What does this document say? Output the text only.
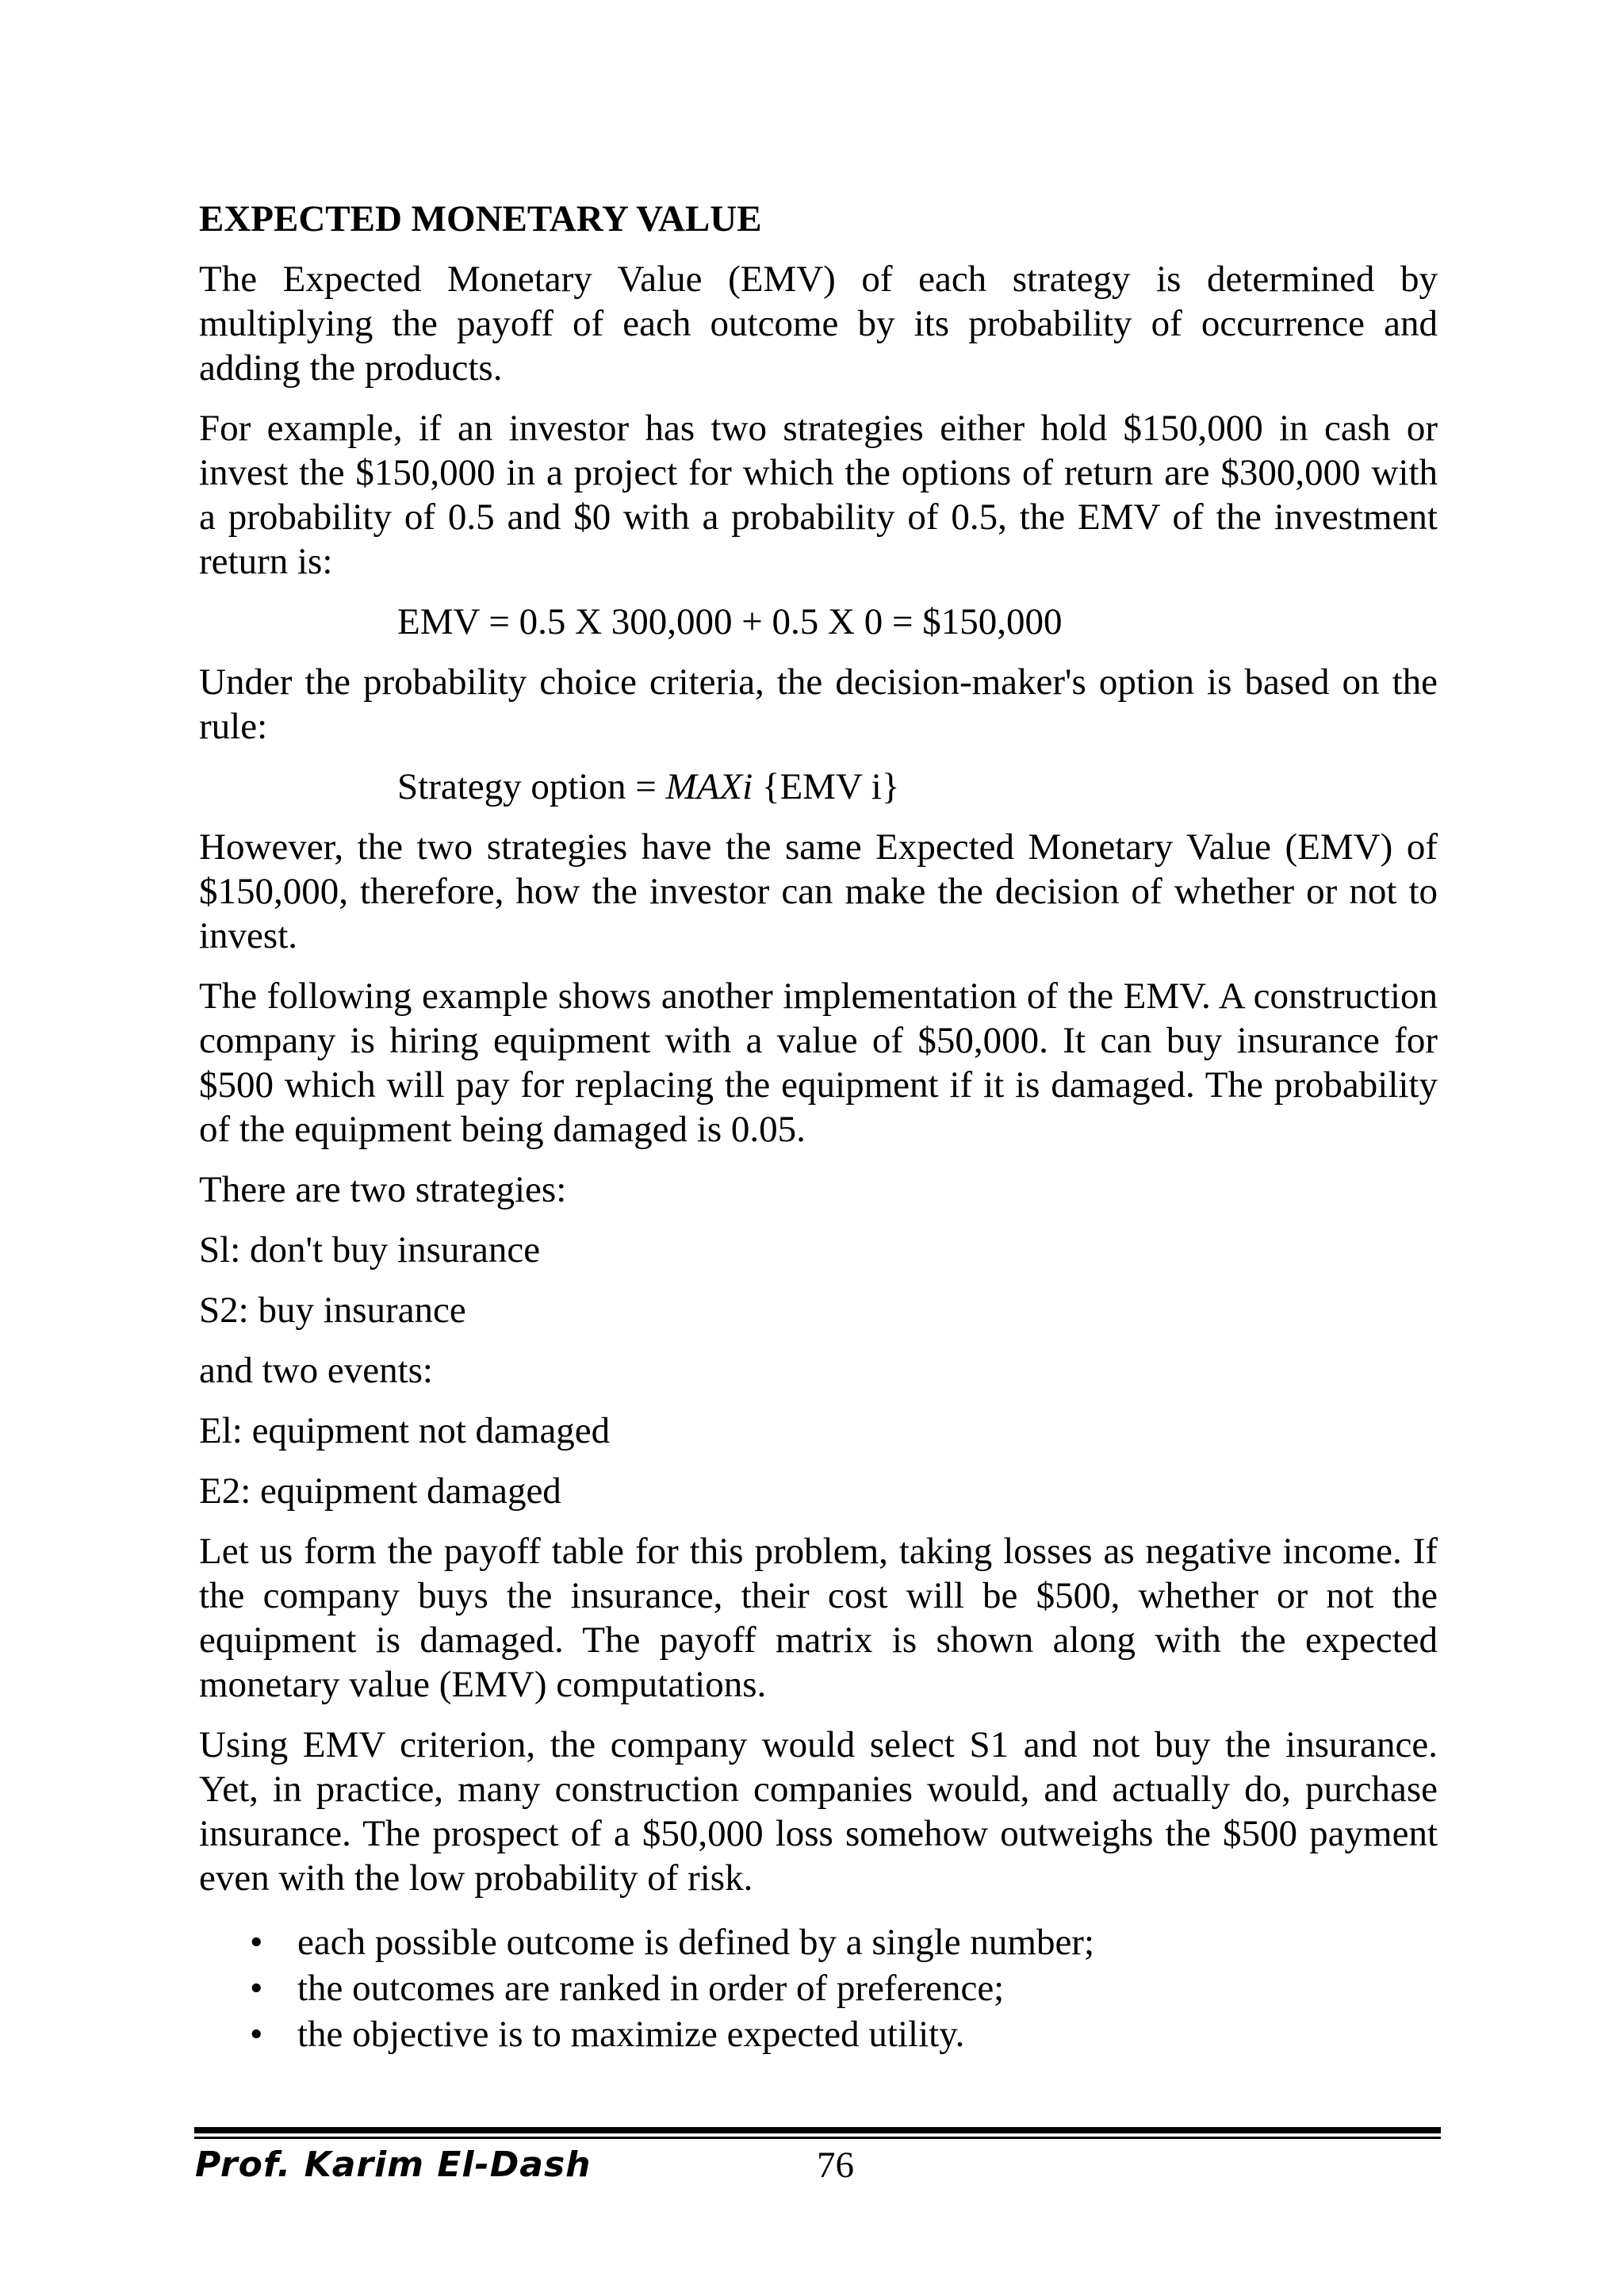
EXPECTED MONETARY VALUE

The Expected Monetary Value (EMV) of each strategy is determined by multiplying the payoff of each outcome by its probability of occurrence and adding the products.

For example, if an investor has two strategies either hold $150,000 in cash or invest the $150,000 in a project for which the options of return are $300,000 with a probability of 0.5 and $0 with a probability of 0.5, the EMV of the investment return is:

EMV = 0.5 X 300,000 + 0.5 X 0 = $150,000

Under the probability choice criteria, the decision-maker's option is based on the rule:

Strategy option = MAXi {EMV i}

However, the two strategies have the same Expected Monetary Value (EMV) of $150,000, therefore, how the investor can make the decision of whether or not to invest.

The following example shows another implementation of the EMV. A construction company is hiring equipment with a value of $50,000. It can buy insurance for $500 which will pay for replacing the equipment if it is damaged. The probability of the equipment being damaged is 0.05.

There are two strategies:
Sl: don't buy insurance
S2: buy insurance
and two events:
El: equipment not damaged
E2: equipment damaged

Let us form the payoff table for this problem, taking losses as negative income. If the company buys the insurance, their cost will be $500, whether or not the equipment is damaged. The payoff matrix is shown along with the expected monetary value (EMV) computations.

Using EMV criterion, the company would select S1 and not buy the insurance. Yet, in practice, many construction companies would, and actually do, purchase insurance. The prospect of a $50,000 loss somehow outweighs the $500 payment even with the low probability of risk.

• each possible outcome is defined by a single number;
• the outcomes are ranked in order of preference;
• the objective is to maximize expected utility.
Prof. Karim El-Dash	76
